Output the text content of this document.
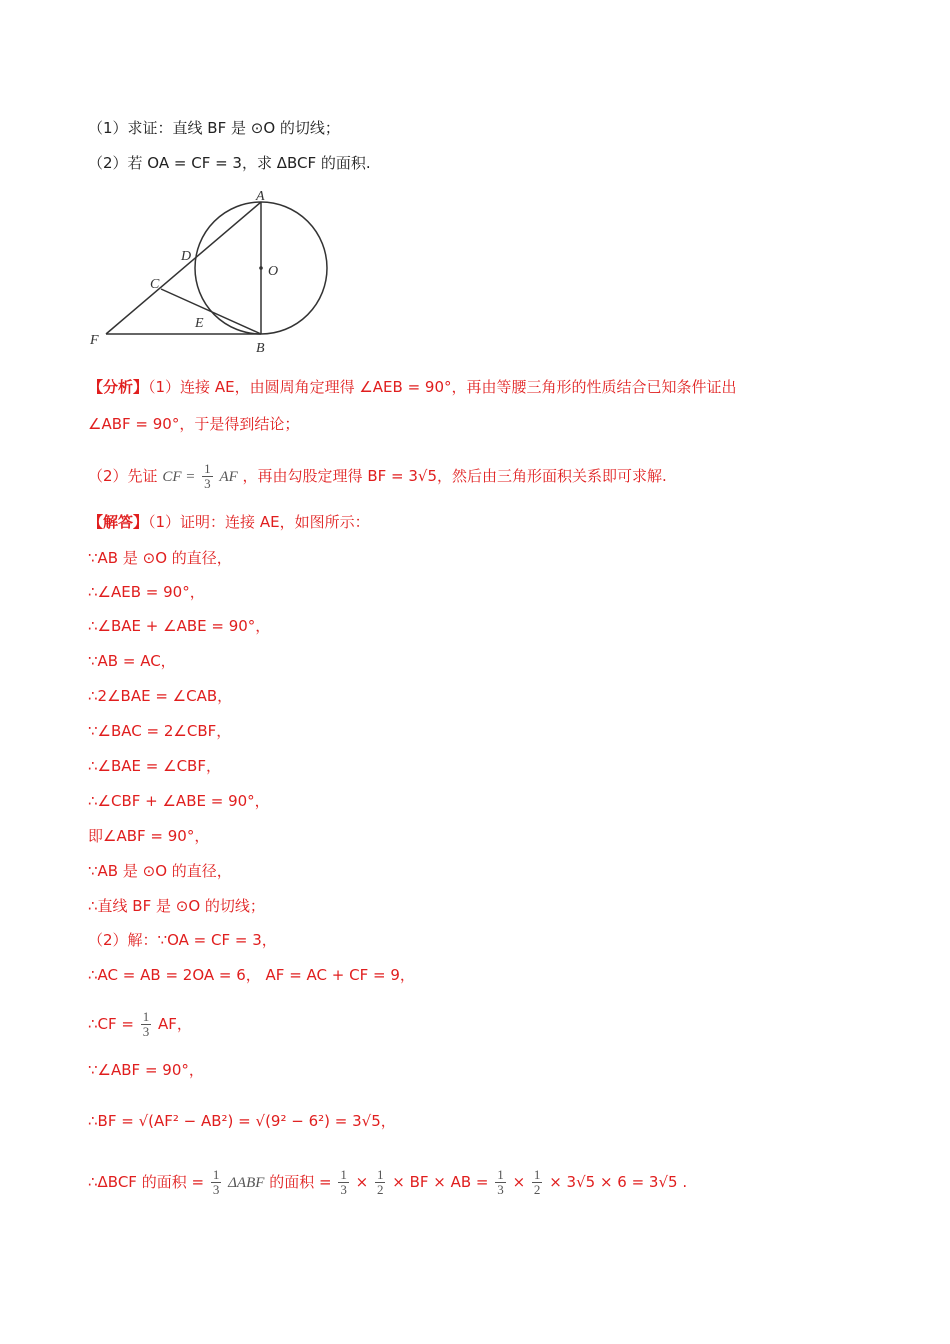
（1）求证：直线 BF 是 ⊙O 的切线；
（2）若 OA = CF = 3，求 ΔBCF 的面积.
A
B
C
D
E
F
O
【分析】（1）连接 AE，由圆周角定理得 ∠AEB = 90°，再由等腰三角形的性质结合已知条件证出
∠ABF = 90°，于是得到结论；
（2）先证 CF = $\frac{1}{3}$ AF ，再由勾股定理得 BF = 3√5，然后由三角形面积关系即可求解.
【解答】（1）证明：连接 AE，如图所示：
∵AB 是 ⊙O 的直径，
∴∠AEB = 90°，
∴∠BAE + ∠ABE = 90°，
∵AB = AC，
∴2∠BAE = ∠CAB，
∵∠BAC = 2∠CBF，
∴∠BAE = ∠CBF，
∴∠CBF + ∠ABE = 90°，
即∠ABF = 90°，
∵AB 是 ⊙O 的直径，
∴直线 BF 是 ⊙O 的切线；
（2）解：∵OA = CF = 3，
∴AC = AB = 2OA = 6， AF = AC + CF = 9，
∴CF = $\frac{1}{3}$ AF，
∵∠ABF = 90°，
∴BF = √(AF² − AB²) = √(9² − 6²) = 3√5，
∴ΔBCF 的面积 = $\frac{1}{3}$ ΔABF 的面积 = $\frac{1}{3} \times \frac{1}{2}$ × BF × AB = $\frac{1}{3} \times \frac{1}{2} \times 3√5 \times 6 = 3√5$ .
